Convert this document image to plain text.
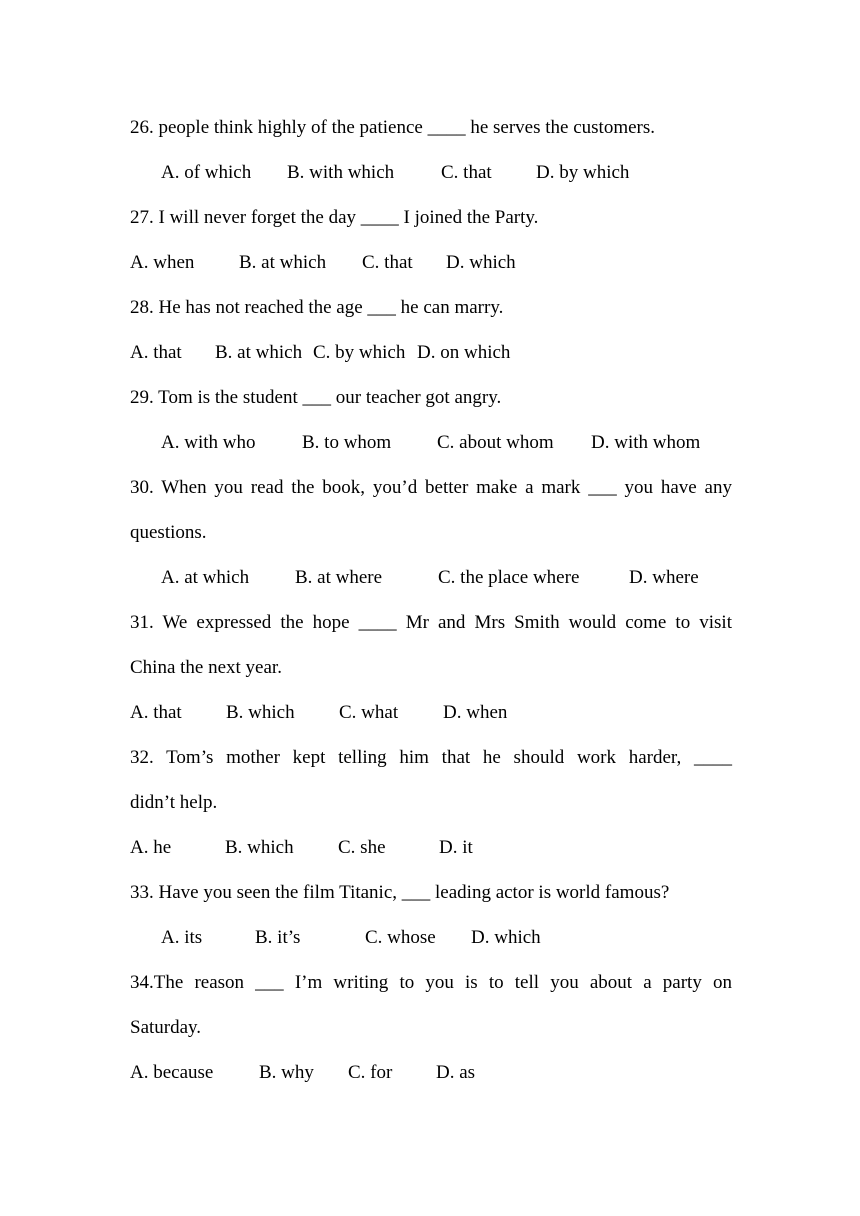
26. people think highly of the patience ____ he serves the customers.
A. of which B. with which C. that D. by which
27. I will never forget the day ____ I joined the Party.
A. when B. at which C. that D. which
28. He has not reached the age ___ he can marry.
A. that B. at which C. by which D. on which
29. Tom is the student ___ our teacher got angry.
A. with who B. to whom C. about whom D. with whom
30. When you read the book, you’d better make a mark ___ you have any
questions.
A. at which B. at where	C. the place where	D. where
31. We expressed the hope ____ Mr and Mrs Smith would come to visit
China the next year.
A. that B. which C. what D. when
32. Tom’s mother kept telling him that he should work harder, ____
didn’t help.
A. he	B. which C. she	D. it
33. Have you seen the film Titanic, ___ leading actor is world famous?
A. its	B. it’s	C. whose D. which
34.The reason ___ I’m writing to you is to tell you about a party on
Saturday.
A. because B. why C. for D. as
